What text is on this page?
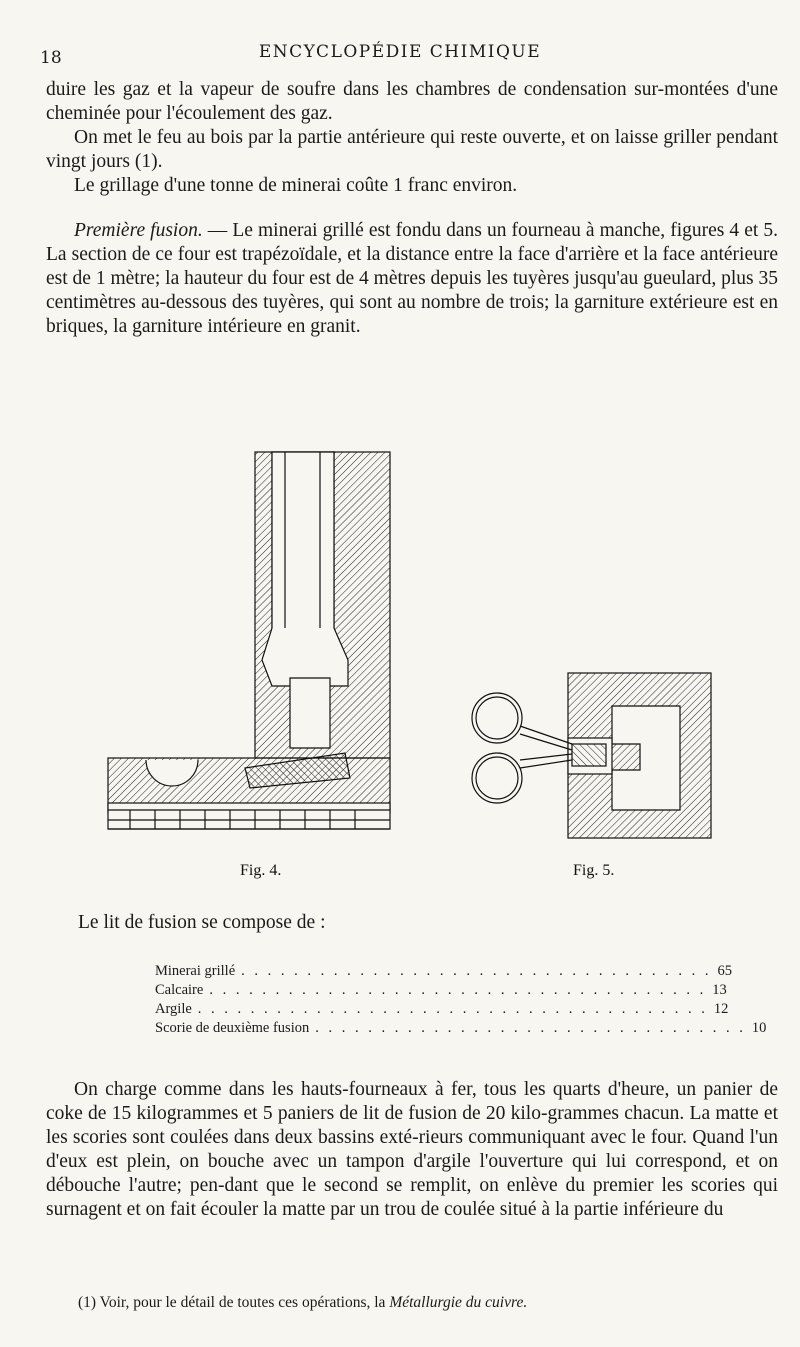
18	ENCYCLOPÉDIE CHIMIQUE

duire les gaz et la vapeur de soufre dans les chambres de condensation sur-montées d'une cheminée pour l'écoulement des gaz.

On met le feu au bois par la partie antérieure qui reste ouverte, et on laisse griller pendant vingt jours (1).

Le grillage d'une tonne de minerai coûte 1 franc environ.

Première fusion. — Le minerai grillé est fondu dans un fourneau à manche, figures 4 et 5. La section de ce four est trapézoïdale, et la distance entre la face d'arrière et la face antérieure est de 1 mètre; la hauteur du four est de 4 mètres depuis les tuyères jusqu'au gueulard, plus 35 centimètres au-dessous des tuyères, qui sont au nombre de trois; la garniture extérieure est en briques, la garniture intérieure en granit.

Fig. 4.	Fig. 5.
Le lit de fusion se compose de :
Minerai grillé . . . . . . . . . . . . . . . . . . . . . . . . . . . . . . . . . . . . 65
Calcaire . . . . . . . . . . . . . . . . . . . . . . . . . . . . . . . . . . . . . . 13
Argile . . . . . . . . . . . . . . . . . . . . . . . . . . . . . . . . . . . . . . . 12
Scorie de deuxième fusion . . . . . . . . . . . . . . . . . . . . . . . . . . . . . . . . . 10

On charge comme dans les hauts-fourneaux à fer, tous les quarts d'heure, un panier de coke de 15 kilogrammes et 5 paniers de lit de fusion de 20 kilo-grammes chacun. La matte et les scories sont coulées dans deux bassins exté-rieurs communiquant avec le four. Quand l'un d'eux est plein, on bouche avec un tampon d'argile l'ouverture qui lui correspond, et on débouche l'autre; pen-dant que le second se remplit, on enlève du premier les scories qui surnagent et on fait écouler la matte par un trou de coulée situé à la partie inférieure du

(1) Voir, pour le détail de toutes ces opérations, la Métallurgie du cuivre.
